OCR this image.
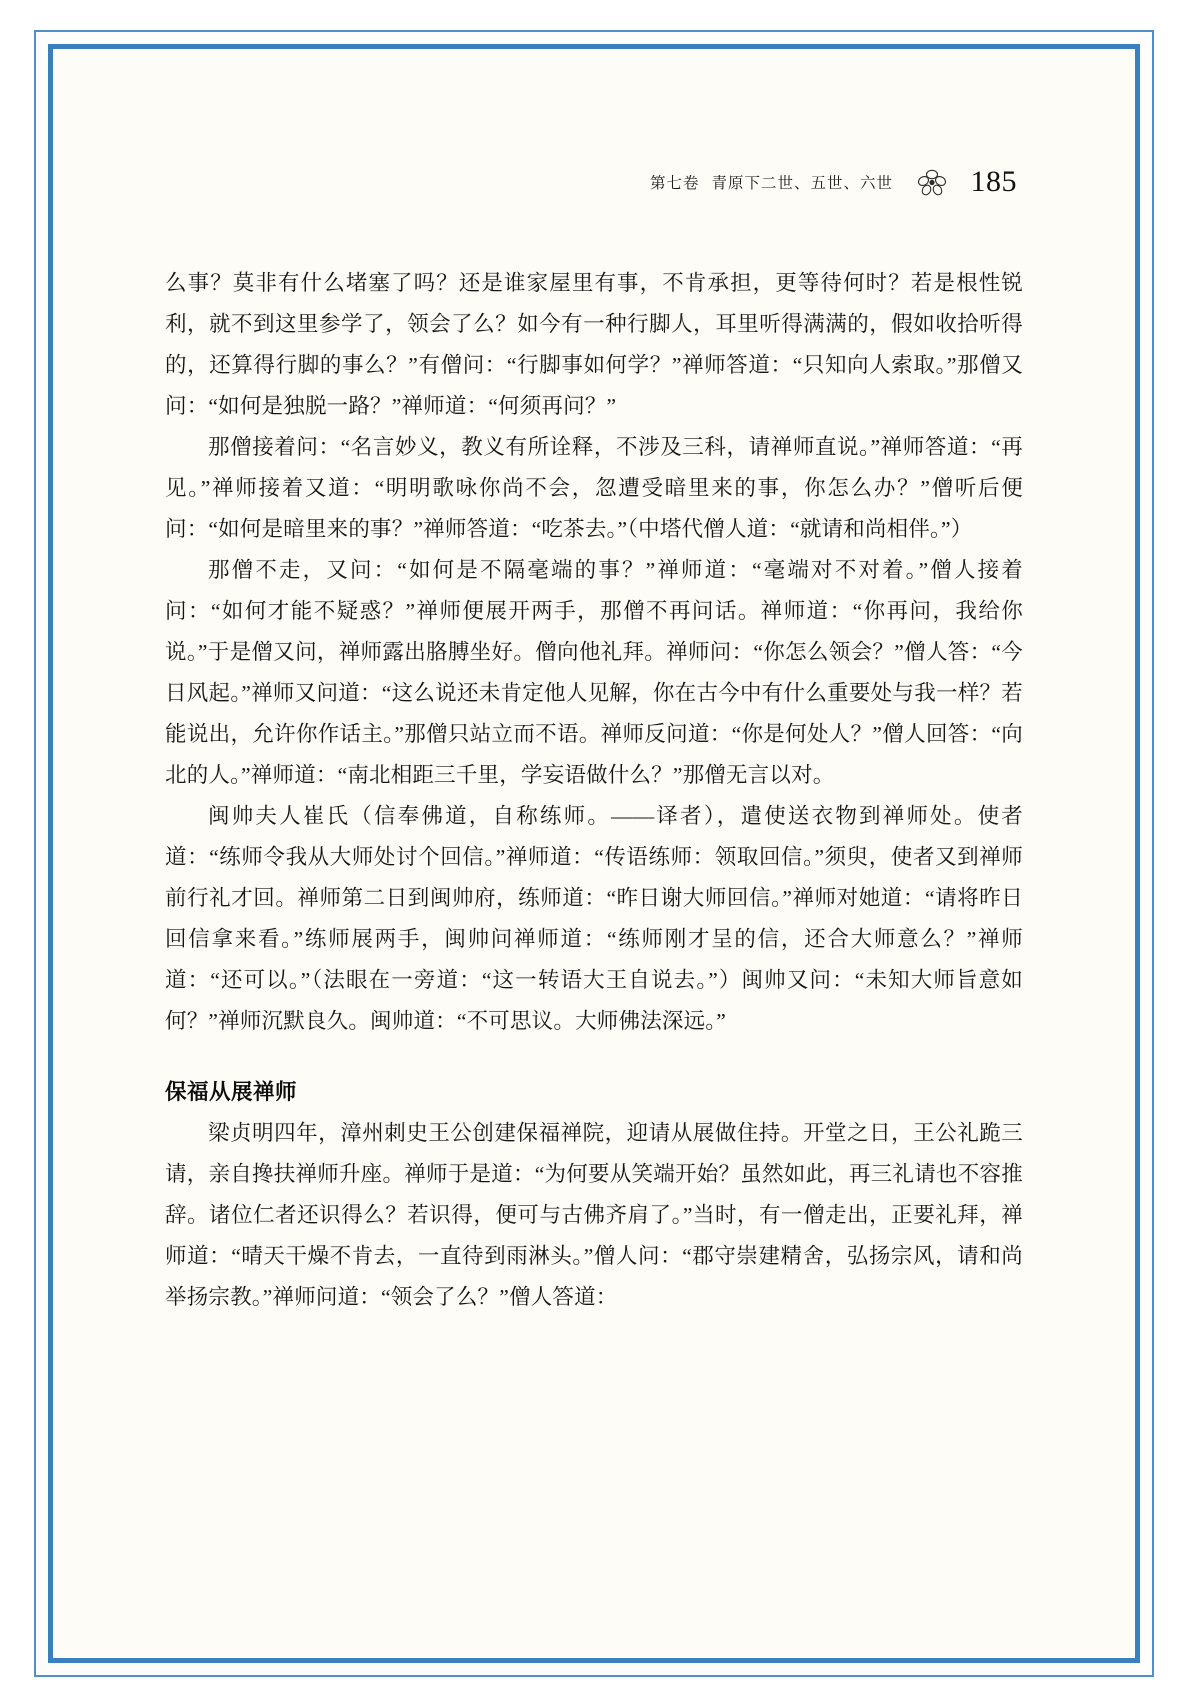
第七卷 青原下二世、五世、六世	185

么事？莫非有什么堵塞了吗？还是谁家屋里有事，不肯承担，更等待何时？若是根性锐利，就不到这里参学了，领会了么？如今有一种行脚人，耳里听得满满的，假如收拾听得的，还算得行脚的事么？”有僧问：“行脚事如何学？”禅师答道：“只知向人索取。”那僧又问：“如何是独脱一路？”禅师道：“何须再问？”

那僧接着问：“名言妙义，教义有所诠释，不涉及三科，请禅师直说。”禅师答道：“再见。”禅师接着又道：“明明歌咏你尚不会，忽遭受暗里来的事，你怎么办？”僧听后便问：“如何是暗里来的事？”禅师答道：“吃茶去。”（中塔代僧人道：“就请和尚相伴。”）

那僧不走，又问：“如何是不隔毫端的事？”禅师道：“毫端对不对着。”僧人接着问：“如何才能不疑惑？”禅师便展开两手，那僧不再问话。禅师道：“你再问，我给你说。”于是僧又问，禅师露出胳膊坐好。僧向他礼拜。禅师问：“你怎么领会？”僧人答：“今日风起。”禅师又问道：“这么说还未肯定他人见解，你在古今中有什么重要处与我一样？若能说出，允许你作话主。”那僧只站立而不语。禅师反问道：“你是何处人？”僧人回答：“向北的人。”禅师道：“南北相距三千里，学妄语做什么？”那僧无言以对。

闽帅夫人崔氏（信奉佛道，自称练师。——译者），遣使送衣物到禅师处。使者道：“练师令我从大师处讨个回信。”禅师道：“传语练师：领取回信。”须臾，使者又到禅师前行礼才回。禅师第二日到闽帅府，练师道：“昨日谢大师回信。”禅师对她道：“请将昨日回信拿来看。”练师展两手，闽帅问禅师道：“练师刚才呈的信，还合大师意么？”禅师道：“还可以。”（法眼在一旁道：“这一转语大王自说去。”）闽帅又问：“未知大师旨意如何？”禅师沉默良久。闽帅道：“不可思议。大师佛法深远。”

保福从展禅师

梁贞明四年，漳州刺史王公创建保福禅院，迎请从展做住持。开堂之日，王公礼跪三请，亲自搀扶禅师升座。禅师于是道：“为何要从笑端开始？虽然如此，再三礼请也不容推辞。诸位仁者还识得么？若识得，便可与古佛齐肩了。”当时，有一僧走出，正要礼拜，禅师道：“晴天干燥不肯去，一直待到雨淋头。”僧人问：“郡守崇建精舍，弘扬宗风，请和尚举扬宗教。”禅师问道：“领会了么？”僧人答道：
